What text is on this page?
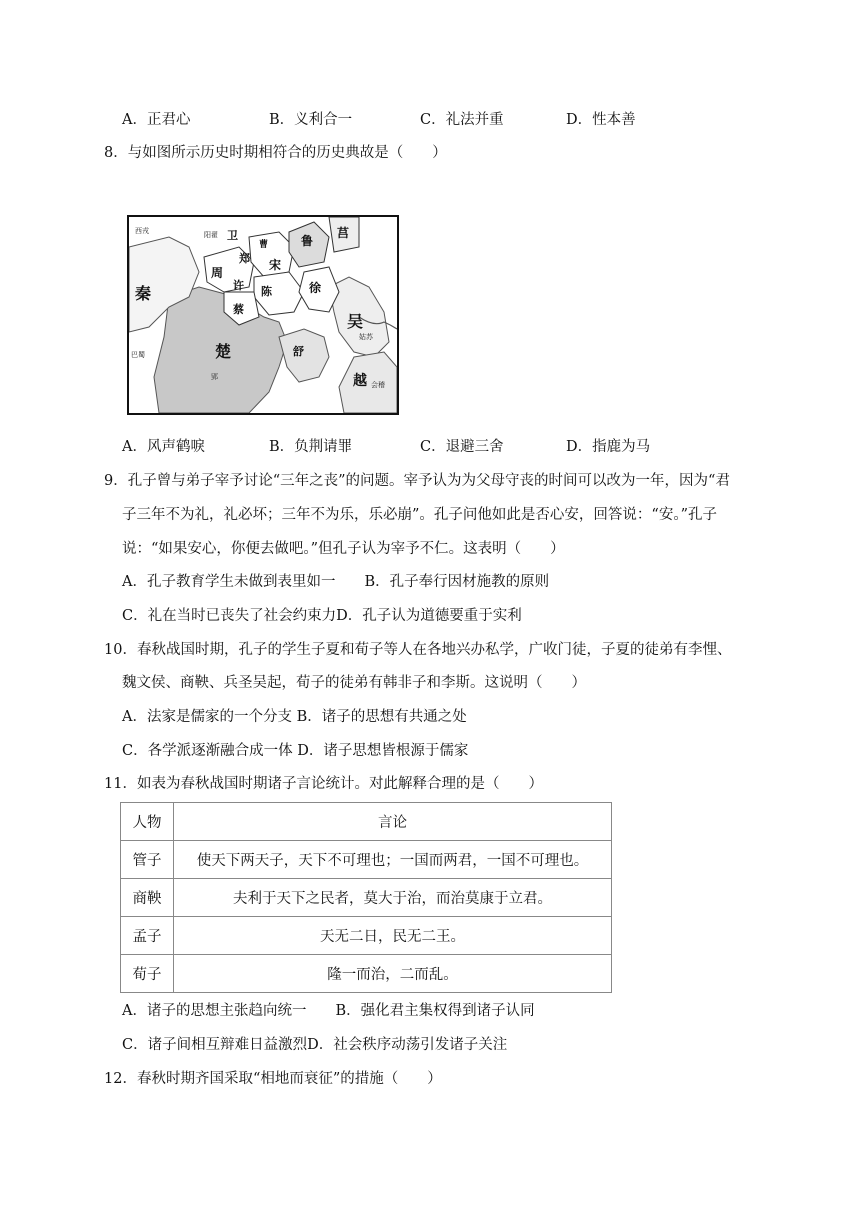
A．正君心	B．义利合一	C．礼法并重	D．性本善
8．与如图所示历史时期相符合的历史典故是（　　）
西戎	卫
曹	鲁
莒
周
郑 宋
许 陈
蔡
徐
秦
楚	舒
吴
越
巴蜀
郢
会稽
姑苏
阳翟
A．风声鹤唳	B．负荆请罪	C．退避三舍	D．指鹿为马
9．孔子曾与弟子宰予讨论“三年之丧”的问题。宰予认为为父母守丧的时间可以改为一年，因为“君
子三年不为礼，礼必坏；三年不为乐，乐必崩”。孔子问他如此是否心安，回答说：“安。”孔子
说：“如果安心，你便去做吧。”但孔子认为宰予不仁。这表明（　　）
A．孔子教育学生未做到表里如一　　B．孔子奉行因材施教的原则
C．礼在当时已丧失了社会约束力D．孔子认为道德要重于实利
10．春秋战国时期，孔子的学生子夏和荀子等人在各地兴办私学，广收门徒，子夏的徒弟有李悝、
魏文侯、商鞅、兵圣吴起，荀子的徒弟有韩非子和李斯。这说明（　　）
A．法家是儒家的一个分支 B．诸子的思想有共通之处
C．各学派逐渐融合成一体 D．诸子思想皆根源于儒家
11．如表为春秋战国时期诸子言论统计。对此解释合理的是（　　）
人物	言论
管子	使天下两天子，天下不可理也；一国而两君，一国不可理也。
商鞅	夫利于天下之民者，莫大于治，而治莫康于立君。
孟子	天无二日，民无二王。
荀子	隆一而治，二而乱。
A．诸子的思想主张趋向统一　　B．强化君主集权得到诸子认同
C．诸子间相互辩难日益激烈D．社会秩序动荡引发诸子关注
12．春秋时期齐国采取“相地而衰征”的措施（　　）
